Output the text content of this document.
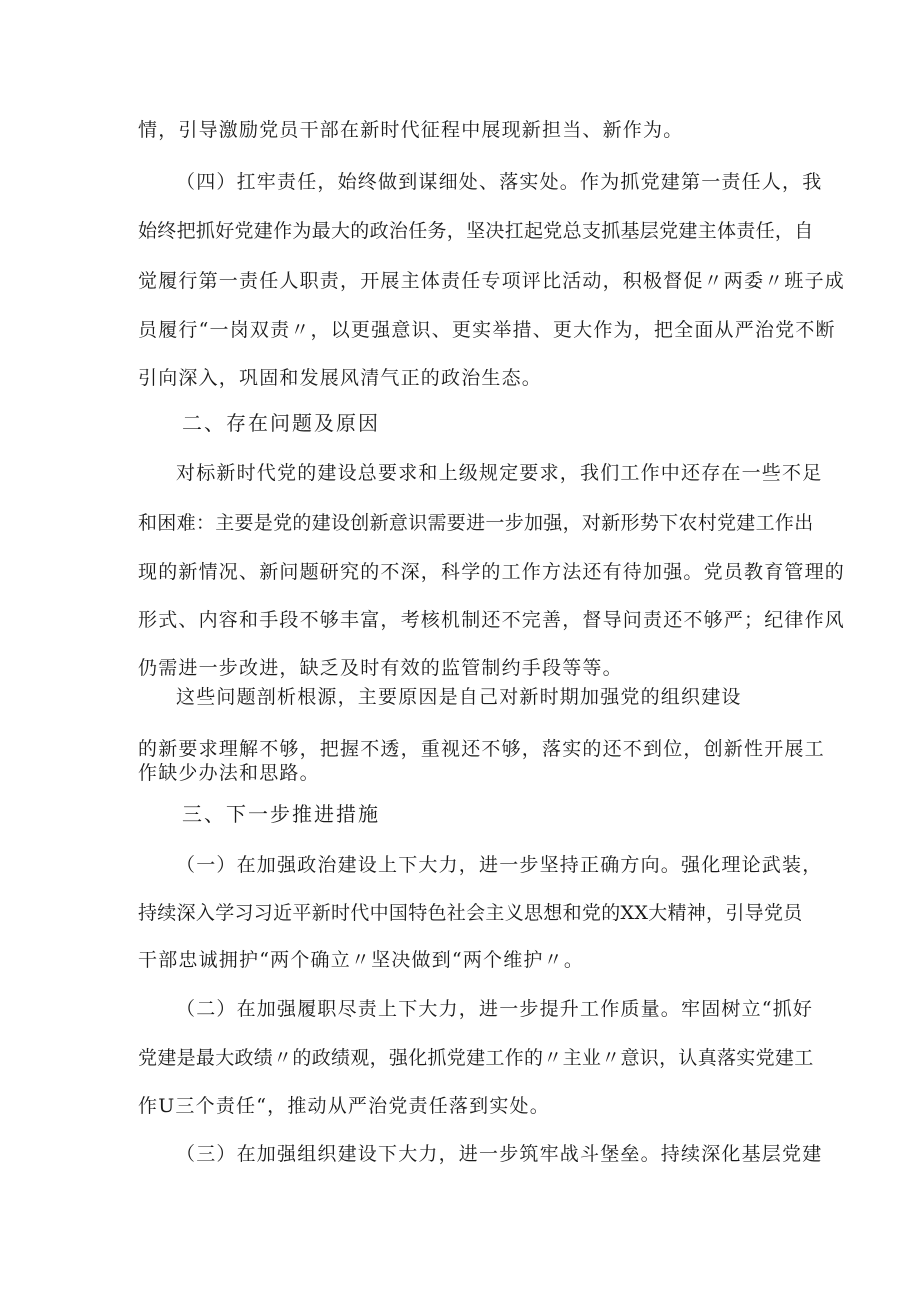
情，引导激励党员干部在新时代征程中展现新担当、新作为。
（四）扛牢责任，始终做到谋细处、落实处。作为抓党建第一责任人，我
始终把抓好党建作为最大的政治任务，坚决扛起党总支抓基层党建主体责任，自
觉履行第一责任人职责，开展主体责任专项评比活动，积极督促〃两委〃班子成
员履行“一岗双责〃，以更强意识、更实举措、更大作为，把全面从严治党不断
引向深入，巩固和发展风清气正的政治生态。
二、存在问题及原因
对标新时代党的建设总要求和上级规定要求，我们工作中还存在一些不足
和困难：主要是党的建设创新意识需要进一步加强，对新形势下农村党建工作出
现的新情况、新问题研究的不深，科学的工作方法还有待加强。党员教育管理的
形式、内容和手段不够丰富，考核机制还不完善，督导问责还不够严；纪律作风
仍需进一步改进，缺乏及时有效的监管制约手段等等。
这些问题剖析根源，主要原因是自己对新时期加强党的组织建设
的新要求理解不够，把握不透，重视还不够，落实的还不到位，创新性开展工
作缺少办法和思路。
三、下一步推进措施
（一）在加强政治建设上下大力，进一步坚持正确方向。强化理论武装，
持续深入学习习近平新时代中国特色社会主义思想和党的XX大精神，引导党员
干部忠诚拥护“两个确立〃坚决做到“两个维护〃。
（二）在加强履职尽责上下大力，进一步提升工作质量。牢固树立“抓好
党建是最大政绩〃的政绩观，强化抓党建工作的〃主业〃意识，认真落实党建工
作U三个责任“，推动从严治党责任落到实处。
（三）在加强组织建设下大力，进一步筑牢战斗堡垒。持续深化基层党建
